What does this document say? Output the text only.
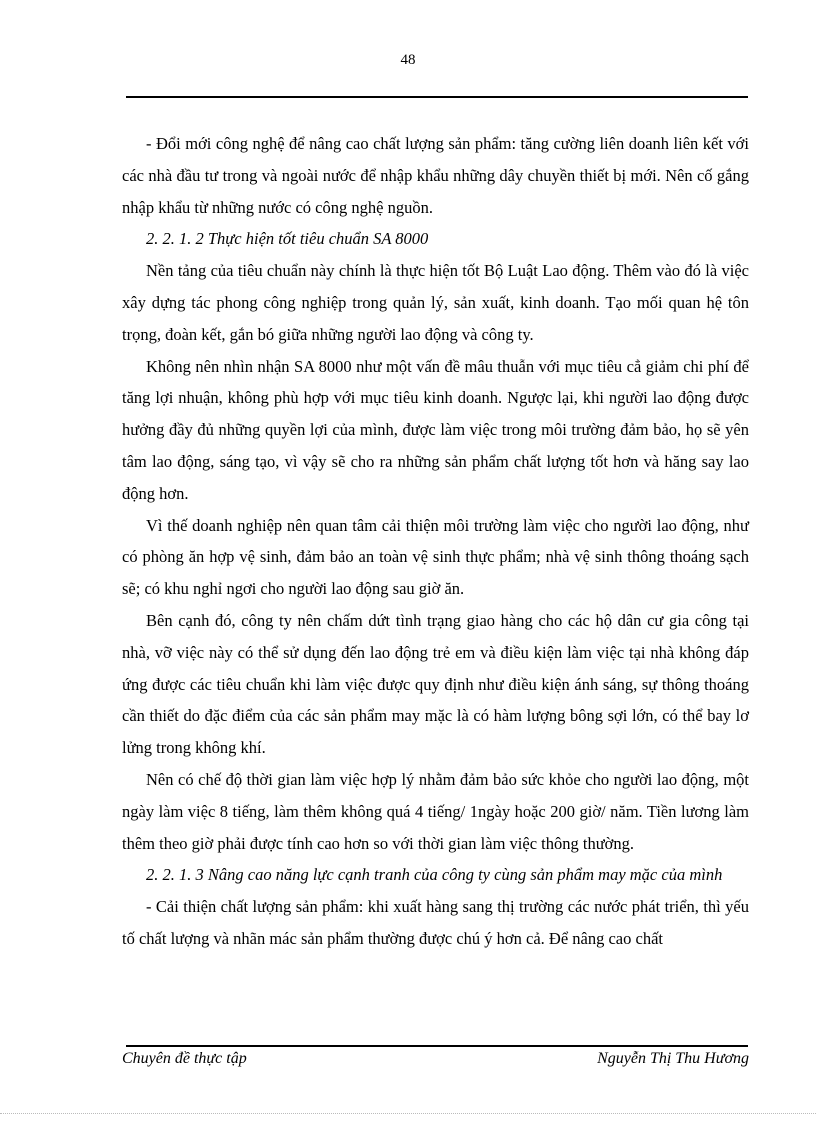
48

- Đổi mới công nghệ để nâng cao chất lượng sản phẩm: tăng cường liên doanh liên kết với các nhà đầu tư trong và ngoài nước để nhập khẩu những dây chuyền thiết bị mới. Nên cố gắng nhập khẩu từ những nước có công nghệ nguồn.

2. 2. 1. 2 Thực hiện tốt tiêu chuẩn SA 8000

Nền tảng của tiêu chuẩn này chính là thực hiện tốt Bộ Luật Lao động. Thêm vào đó là việc xây dựng tác phong công nghiệp trong quản lý, sản xuất, kinh doanh. Tạo mối quan hệ tôn trọng, đoàn kết, gắn bó giữa những người lao động và công ty.

Không nên nhìn nhận SA 8000 như một vấn đề mâu thuẫn với mục tiêu cẳ giảm chi phí để tăng lợi nhuận, không phù hợp với mục tiêu kinh doanh. Ngược lại, khi người lao động được hưởng đầy đủ những quyền lợi của mình, được làm việc trong môi trường đảm bảo, họ sẽ yên tâm lao động, sáng tạo, vì vậy sẽ cho ra những sản phẩm chất lượng tốt hơn và hăng say lao động hơn.

Vì thế doanh nghiệp nên quan tâm cải thiện môi trường làm việc cho người lao động, như có phòng ăn hợp vệ sinh, đảm bảo an toàn vệ sinh thực phẩm; nhà vệ sinh thông thoáng sạch sẽ; có khu nghỉ ngơi cho người lao động sau giờ ăn.

Bên cạnh đó, công ty nên chấm dứt tình trạng giao hàng cho các hộ dân cư gia công tại nhà, vỡ việc này có thể sử dụng đến lao động trẻ em và điều kiện làm việc tại nhà không đáp ứng được các tiêu chuẩn khi làm việc được quy định như điều kiện ánh sáng, sự thông thoáng cần thiết do đặc điểm của các sản phẩm may mặc là có hàm lượng bông sợi lớn, có thể bay lơ lửng trong không khí.

Nên có chế độ thời gian làm việc hợp lý nhằm đảm bảo sức khỏe cho người lao động, một ngày làm việc 8 tiếng, làm thêm không quá 4 tiếng/ 1ngày hoặc 200 giờ/ năm. Tiền lương làm thêm theo giờ phải được tính cao hơn so với thời gian làm việc thông thường.

2. 2. 1. 3 Nâng cao năng lực cạnh tranh của công ty cùng sản phẩm may mặc của mình

- Cải thiện chất lượng sản phẩm: khi xuất hàng sang thị trường các nước phát triển, thì yếu tố chất lượng và nhãn mác sản phẩm thường được chú ý hơn cả. Để nâng cao chất

Chuyên đề thực tập	Nguyễn Thị Thu Hương
